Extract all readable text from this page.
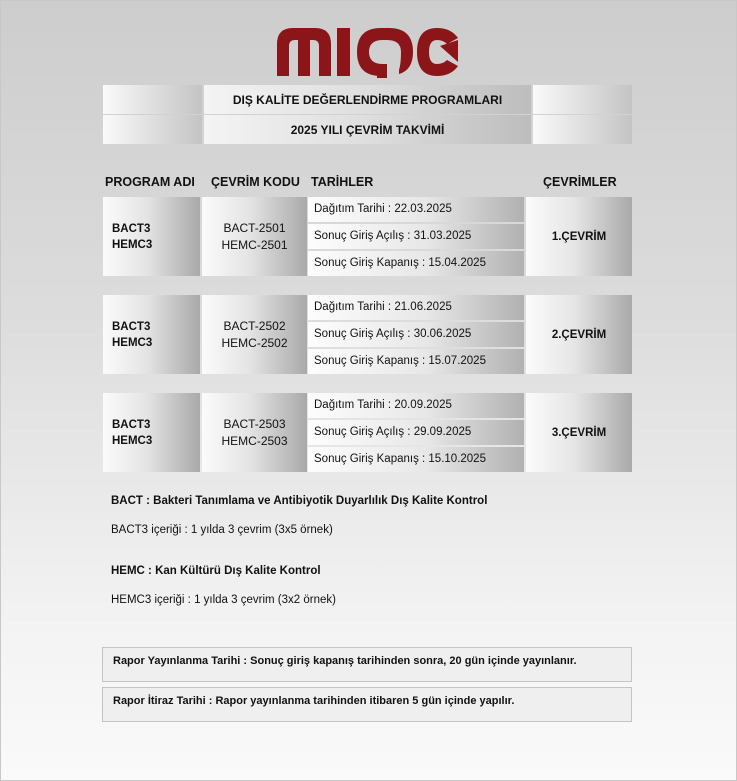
DIŞ KALİTE DEĞERLENDİRME PROGRAMLARI
2025 YILI ÇEVRİM TAKVİMİ
PROGRAM ADI ÇEVRİM KODU TARİHLER	ÇEVRİMLER
BACT3
HEMC3
BACT-2501
HEMC-2501
Dağıtım Tarihi : 22.03.2025
Sonuç Giriş Açılış : 31.03.2025
Sonuç Giriş Kapanış : 15.04.2025
1.ÇEVRİM
BACT3
HEMC3
BACT-2502
HEMC-2502
Dağıtım Tarihi : 21.06.2025
Sonuç Giriş Açılış : 30.06.2025
Sonuç Giriş Kapanış : 15.07.2025
2.ÇEVRİM
BACT3
HEMC3
BACT-2503
HEMC-2503
Dağıtım Tarihi : 20.09.2025
Sonuç Giriş Açılış : 29.09.2025
Sonuç Giriş Kapanış : 15.10.2025
3.ÇEVRİM
BACT : Bakteri Tanımlama ve Antibiyotik Duyarlılık Dış Kalite Kontrol
BACT3 içeriği : 1 yılda 3 çevrim (3x5 örnek)
HEMC : Kan Kültürü Dış Kalite Kontrol
HEMC3 içeriği : 1 yılda 3 çevrim (3x2 örnek)
Rapor Yayınlanma Tarihi : Sonuç giriş kapanış tarihinden sonra, 20 gün içinde yayınlanır.
Rapor İtiraz Tarihi : Rapor yayınlanma tarihinden itibaren 5 gün içinde yapılır.
